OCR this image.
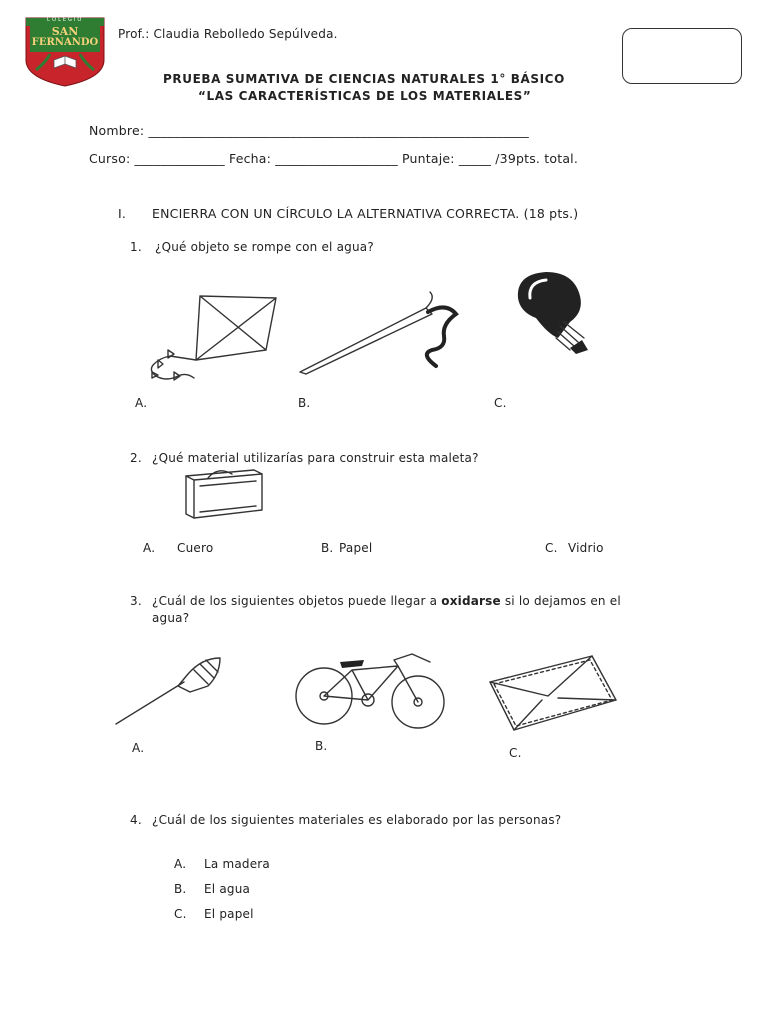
COLEGIO
SAN
FERNANDO
Prof.: Claudia Rebolledo Sepúlveda.
PRUEBA SUMATIVA DE CIENCIAS NATURALES 1° BÁSICO
“LAS CARACTERÍSTICAS DE LOS MATERIALES”
Nombre: ___________________________________________________________
Curso: ______________ Fecha: ___________________ Puntaje: _____ /39pts. total.
I. ENCIERRA CON UN CÍRCULO LA ALTERNATIVA CORRECTA. (18 pts.)
1. ¿Qué objeto se rompe con el agua?
A.	B.	C.
2. ¿Qué material utilizarías para construir esta maleta?
A. Cuero	B. Papel	C. Vidrio
3. ¿Cuál de los siguientes objetos puede llegar a oxidarse si lo dejamos en el
agua?
A.	B.	C.
4. ¿Cuál de los siguientes materiales es elaborado por las personas?
A. La madera
B. El agua
C. El papel
